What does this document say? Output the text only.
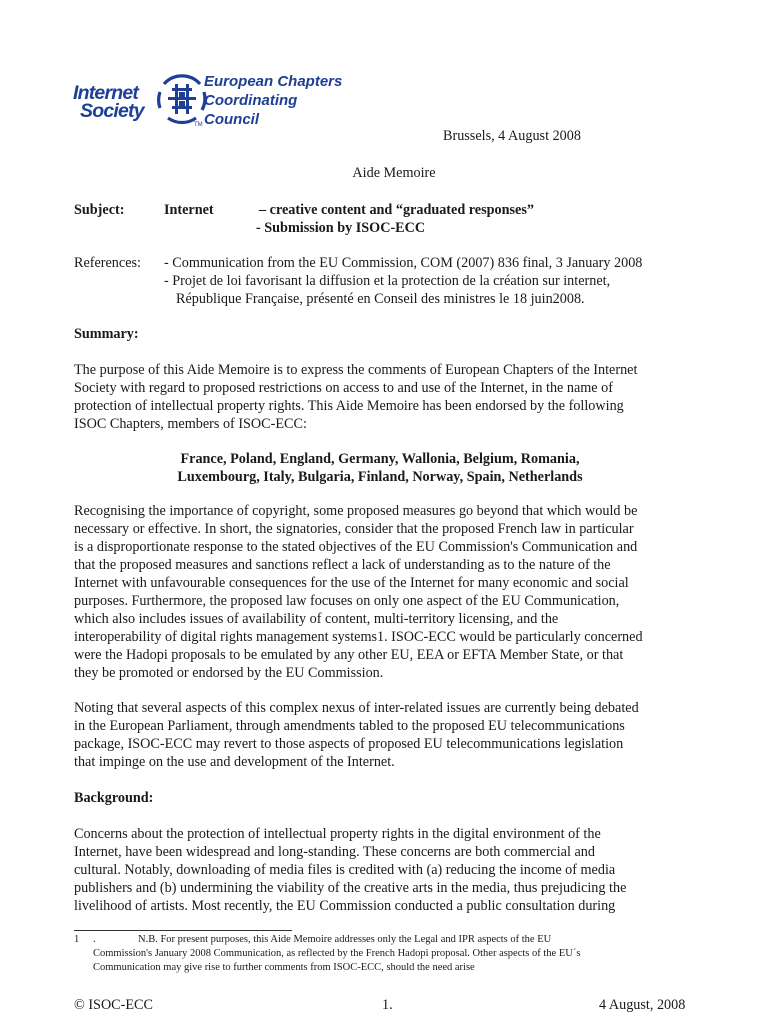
Internet
Society
TM
European Chapters
Coordinating
Council
Brussels, 4 August 2008
Aide Memoire
Subject:	Internet	– creative content and “graduated responses”
- Submission by ISOC-ECC
References: - Communication from the EU Commission, COM (2007) 836 final, 3 January 2008
- Projet de loi favorisant la diffusion et la protection de la création sur internet,
République Française, présenté en Conseil des ministres le 18 juin2008.
Summary:
The purpose of this Aide Memoire is to express the comments of European Chapters of the Internet
Society with regard to proposed restrictions on access to and use of the Internet, in the name of
protection of intellectual property rights. This Aide Memoire has been endorsed by the following
ISOC Chapters, members of ISOC-ECC:
France, Poland, England, Germany, Wallonia, Belgium, Romania,
Luxembourg, Italy, Bulgaria, Finland, Norway, Spain, Netherlands
Recognising the importance of copyright, some proposed measures go beyond that which would be
necessary or effective. In short, the signatories, consider that the proposed French law in particular
is a disproportionate response to the stated objectives of the EU Commission's Communication and
that the proposed measures and sanctions reflect a lack of understanding as to the nature of the
Internet with unfavourable consequences for the use of the Internet for many economic and social
purposes. Furthermore, the proposed law focuses on only one aspect of the EU Communication,
which also includes issues of availability of content, multi-territory licensing, and the
interoperability of digital rights management systems1. ISOC-ECC would be particularly concerned
were the Hadopi proposals to be emulated by any other EU, EEA or EFTA Member State, or that
they be promoted or endorsed by the EU Commission.
Noting that several aspects of this complex nexus of inter-related issues are currently being debated
in the European Parliament, through amendments tabled to the proposed EU telecommunications
package, ISOC-ECC may revert to those aspects of proposed EU telecommunications legislation
that impinge on the use and development of the Internet.
Background:
Concerns about the protection of intellectual property rights in the digital environment of the
Internet, have been widespread and long-standing. These concerns are both commercial and
cultural. Notably, downloading of media files is credited with (a) reducing the income of media
publishers and (b) undermining the viability of the creative arts in the media, thus prejudicing the
livelihood of artists. Most recently, the EU Commission conducted a public consultation during
1 .	N.B. For present purposes, this Aide Memoire addresses only the Legal and IPR aspects of the EU
Commission's January 2008 Communication, as reflected by the French Hadopi proposal. Other aspects of the EU´s
Communication may give rise to further comments from ISOC-ECC, should the need arise
© ISOC-ECC	1.	4 August, 2008
